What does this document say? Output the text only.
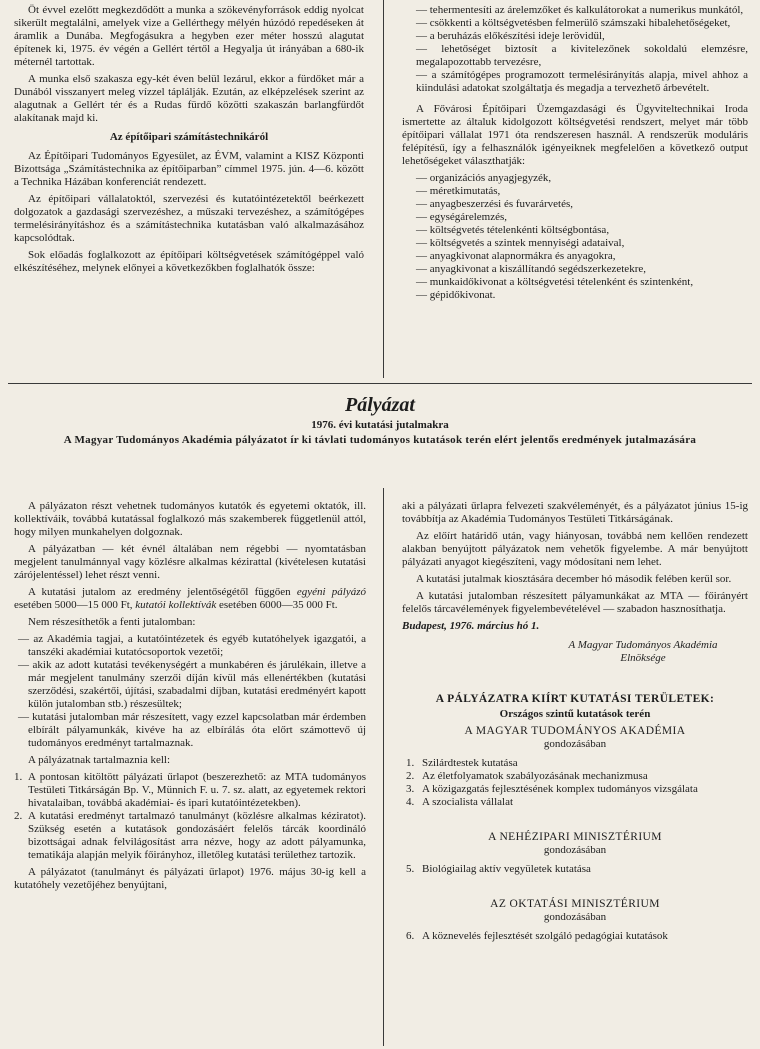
Öt évvel ezelőtt megkezdődött a munka a szökevényforrások eddig nyolcat sikerült megtalálni, amelyek vize a Gellérthegy mélyén húzódó repedéseken át áramlik a Dunába. Megfogásukra a hegyben ezer méter hosszú alagutat építenek ki, 1975. év végén a Gellért tértől a Hegyalja út irányában a 680-ik méternél tartottak.

A munka első szakasza egy-két éven belül lezárul, ekkor a fürdőket már a Dunából visszanyert meleg vízzel táplálják. Ezután, az elképzelések szerint az alagutnak a Gellért tér és a Rudas fürdő közötti szakaszán barlangfürdőt alakítanak majd ki.

Az építőipari számítástechnikáról

Az Építőipari Tudományos Egyesület, az ÉVM, valamint a KISZ Központi Bizottsága „Számítástechnika az építőiparban” címmel 1975. jún. 4—6. között a Technika Házában konferenciát rendezett.

Az építőipari vállalatoktól, szervezési és kutatóintézetektől beérkezett dolgozatok a gazdasági szervezéshez, a műszaki tervezéshez, a számítógépes termelésirányításhoz és a számítástechnika kutatásban való alkalmazásához kapcsolódtak.

Sok előadás foglalkozott az építőipari költségvetések számítógéppel való elkészítéséhez, melynek előnyei a következőkben foglalhatók össze:

— tehermentesíti az árelemzőket és kalkulátorokat a numerikus munkától,
— csökkenti a költségvetésben felmerülő számszaki hibalehetőségeket,
— a beruházás előkészítési ideje lerövidül,
— lehetőséget biztosít a kivitelezőnek sokoldalú elemzésre, megalapozottabb tervezésre,
— a számítógépes programozott termelésirányítás alapja, mivel ahhoz a kiindulási adatokat szolgáltatja és megadja a tervezhető árbevételt.

A Fővárosi Építőipari Üzemgazdasági és Ügyviteltechnikai Iroda ismertette az általuk kidolgozott költségvetési rendszert, melyet már több építőipari vállalat 1971 óta rendszeresen használ. A rendszerük moduláris felépítésű, így a felhasználók igényeiknek megfelelően a következő output lehetőségeket választhatják:

— organizációs anyagjegyzék,
— méretkimutatás,
— anyagbeszerzési és fuvarárvetés,
— egységárelemzés,
— költségvetés tételenkénti költségbontása,
— költségvetés a szintek mennyiségi adataival,
— anyagkivonat alapnormákra és anyagokra,
— anyagkivonat a kiszállítandó segédszerkezetekre,
— munkaidőkivonat a költségvetési tételenként és szintenként,
— gépidőkivonat.
Pályázat
1976. évi kutatási jutalmakra
A Magyar Tudományos Akadémia pályázatot ír ki távlati tudományos kutatások terén elért jelentős eredmények jutalmazására

A pályázaton részt vehetnek tudományos kutatók és egyetemi oktatók, ill. kollektíváik, továbbá kutatással foglalkozó más szakemberek függetlenül attól, hogy milyen munkahelyen dolgoznak.

A pályázatban — két évnél általában nem régebbi — nyomtatásban megjelent tanulmánnyal vagy közlésre alkalmas kézirattal (kivételesen kutatási zárójelentéssel) lehet részt venni.

A kutatási jutalom az eredmény jelentőségétől függően egyéni pályázó esetében 5000—15 000 Ft, kutatói kollektívák esetében 6000—35 000 Ft.

Nem részesíthetők a fenti jutalomban:

— az Akadémia tagjai, a kutatóintézetek és egyéb kutatóhelyek igazgatói, a tanszéki akadémiai kutatócsoportok vezetői;
— akik az adott kutatási tevékenységért a munkabéren és járulékain, illetve a már megjelent tanulmány szerzői díján kívül más ellenértékben (kutatási szerződési, szakértői, újítási, szabadalmi díjban, kutatási eredményért kapott külön jutalomban stb.) részesültek;
— kutatási jutalomban már részesített, vagy ezzel kapcsolatban már érdemben elbírált pályamunkák, kivéve ha az elbírálás óta előrt számottevő új tudományos eredményt tartalmaznak.

A pályázatnak tartalmaznia kell:

1. A pontosan kitöltött pályázati űrlapot (beszerezhető: az MTA tudományos Testületi Titkárságán Bp. V., Münnich F. u. 7. sz. alatt, az egyetemek rektori hivatalaiban, továbbá akadémiai- és ipari kutatóintézetekben).
2. A kutatási eredményt tartalmazó tanulmányt (közlésre alkalmas kéziratot). Szükség esetén a kutatások gondozásáért felelős tárcák koordináló bizottságai adnak felvilágosítást arra nézve, hogy az adott pályamunka, tematikája alapján melyik főirányhoz, illetőleg kutatási területhez tartozik.

A pályázatot (tanulmányt és pályázati űrlapot) 1976. május 30-ig kell a kutatóhely vezetőjéhez benyújtani,

aki a pályázati űrlapra felvezeti szakvéleményét, és a pályázatot június 15-ig továbbítja az Akadémia Tudományos Testületi Titkárságának.

Az előírt határidő után, vagy hiányosan, továbbá nem kellően rendezett alakban benyújtott pályázatok nem vehetők figyelembe. A már benyújtott pályázati anyagot kiegészíteni, vagy módosítani nem lehet.

A kutatási jutalmak kiosztására december hó második felében kerül sor.

A kutatási jutalomban részesített pályamunkákat az MTA — főirányért felelős tárcavélemények figyelembevételével — szabadon hasznosíthatja.

Budapest, 1976. március hó 1.
A Magyar Tudományos Akadémia
Elnöksége
A PÁLYÁZATRA KIÍRT KUTATÁSI TERÜLETEK:
Országos szintű kutatások terén
A MAGYAR TUDOMÁNYOS AKADÉMIA
gondozásában
1. Szilárdtestek kutatása
2. Az életfolyamatok szabályozásának mechanizmusa
3. A közigazgatás fejlesztésének komplex tudományos vizsgálata
4. A szocialista vállalat
A NEHÉZIPARI MINISZTÉRIUM
gondozásában
5. Biológiailag aktív vegyületek kutatása
AZ OKTATÁSI MINISZTÉRIUM
gondozásában
6. A köznevelés fejlesztését szolgáló pedagógiai kutatások
